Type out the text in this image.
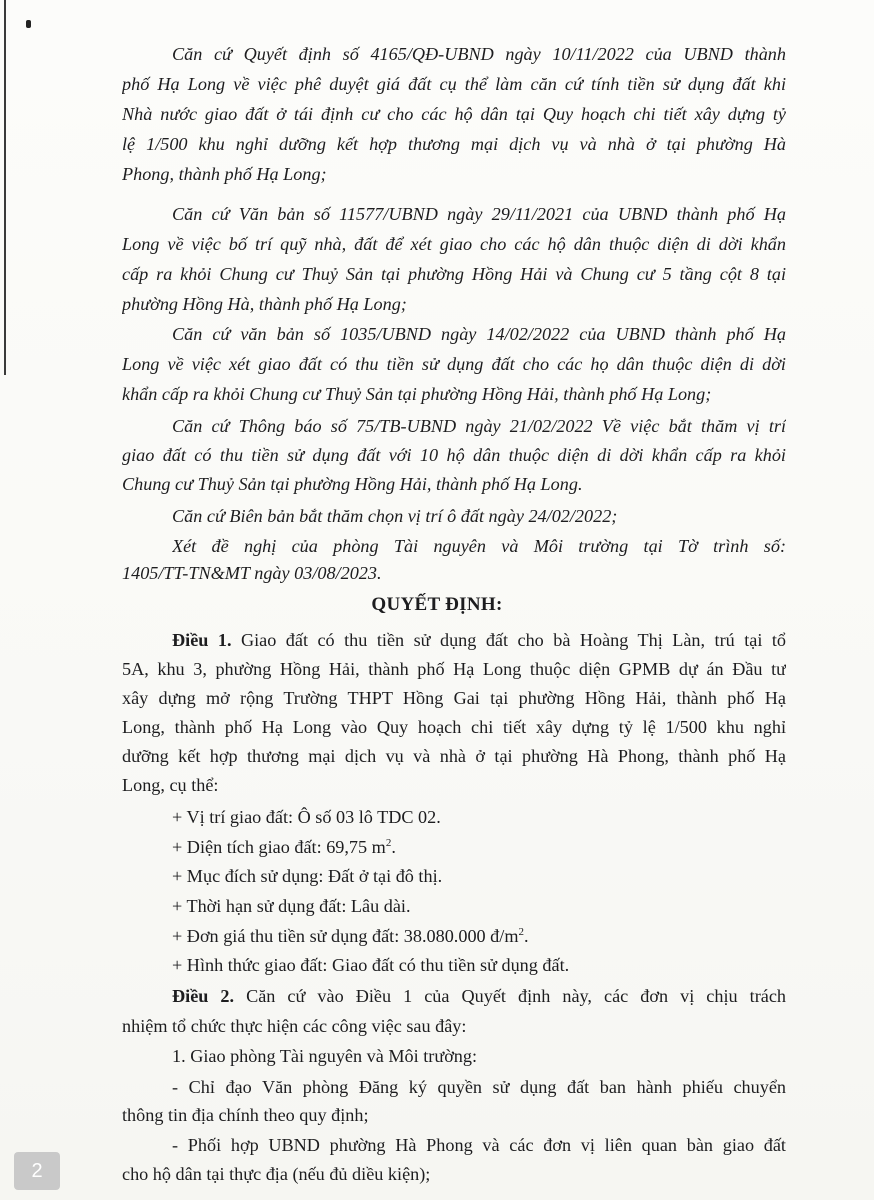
Căn cứ Quyết định số 4165/QĐ-UBND ngày 10/11/2022 của UBND thành
phố Hạ Long về việc phê duyệt giá đất cụ thể làm căn cứ tính tiền sử dụng đất khi
Nhà nước giao đất ở tái định cư cho các hộ dân tại Quy hoạch chi tiết xây dựng tỷ
lệ 1/500 khu nghỉ dưỡng kết hợp thương mại dịch vụ và nhà ở tại phường Hà
Phong, thành phố Hạ Long;
Căn cứ Văn bản số 11577/UBND ngày 29/11/2021 của UBND thành phố Hạ
Long về việc bố trí quỹ nhà, đất để xét giao cho các hộ dân thuộc diện di dời khẩn
cấp ra khỏi Chung cư Thuỷ Sản tại phường Hồng Hải và Chung cư 5 tầng cột 8 tại
phường Hồng Hà, thành phố Hạ Long;
Căn cứ văn bản số 1035/UBND ngày 14/02/2022 của UBND thành phố Hạ
Long về việc xét giao đất có thu tiền sử dụng đất cho các họ dân thuộc diện di dời
khẩn cấp ra khỏi Chung cư Thuỷ Sản tại phường Hồng Hải, thành phố Hạ Long;
Căn cứ Thông báo số 75/TB-UBND ngày 21/02/2022 Về việc bắt thăm vị trí
giao đất có thu tiền sử dụng đất với 10 hộ dân thuộc diện di dời khẩn cấp ra khỏi
Chung cư Thuỷ Sản tại phường Hồng Hải, thành phố Hạ Long.
Căn cứ Biên bản bắt thăm chọn vị trí ô đất ngày 24/02/2022;
Xét đề nghị của phòng Tài nguyên và Môi trường tại Tờ trình số:
1405/TT-TN&MT ngày 03/08/2023.
QUYẾT ĐỊNH:
Điều 1. Giao đất có thu tiền sử dụng đất cho bà Hoàng Thị Làn, trú tại tổ
5A, khu 3, phường Hồng Hải, thành phố Hạ Long thuộc diện GPMB dự án Đầu tư
xây dựng mở rộng Trường THPT Hồng Gai tại phường Hồng Hải, thành phố Hạ
Long, thành phố Hạ Long vào Quy hoạch chi tiết xây dựng tỷ lệ 1/500 khu nghỉ
dưỡng kết hợp thương mại dịch vụ và nhà ở tại phường Hà Phong, thành phố Hạ
Long, cụ thể:
+ Vị trí giao đất: Ô số 03 lô TDC 02.
+ Diện tích giao đất: 69,75 $m^2$.
+ Mục đích sử dụng: Đất ở tại đô thị.
+ Thời hạn sử dụng đất: Lâu dài.
+ Đơn giá thu tiền sử dụng đất: 38.080.000 $đ/m^2$.
+ Hình thức giao đất: Giao đất có thu tiền sử dụng đất.
Điều 2. Căn cứ vào Điều 1 của Quyết định này, các đơn vị chịu trách
nhiệm tổ chức thực hiện các công việc sau đây:
1. Giao phòng Tài nguyên và Môi trường:
- Chỉ đạo Văn phòng Đăng ký quyền sử dụng đất ban hành phiếu chuyển
thông tin địa chính theo quy định;
- Phối hợp UBND phường Hà Phong và các đơn vị liên quan bàn giao đất
cho hộ dân tại thực địa (nếu đủ diều kiện);
2
